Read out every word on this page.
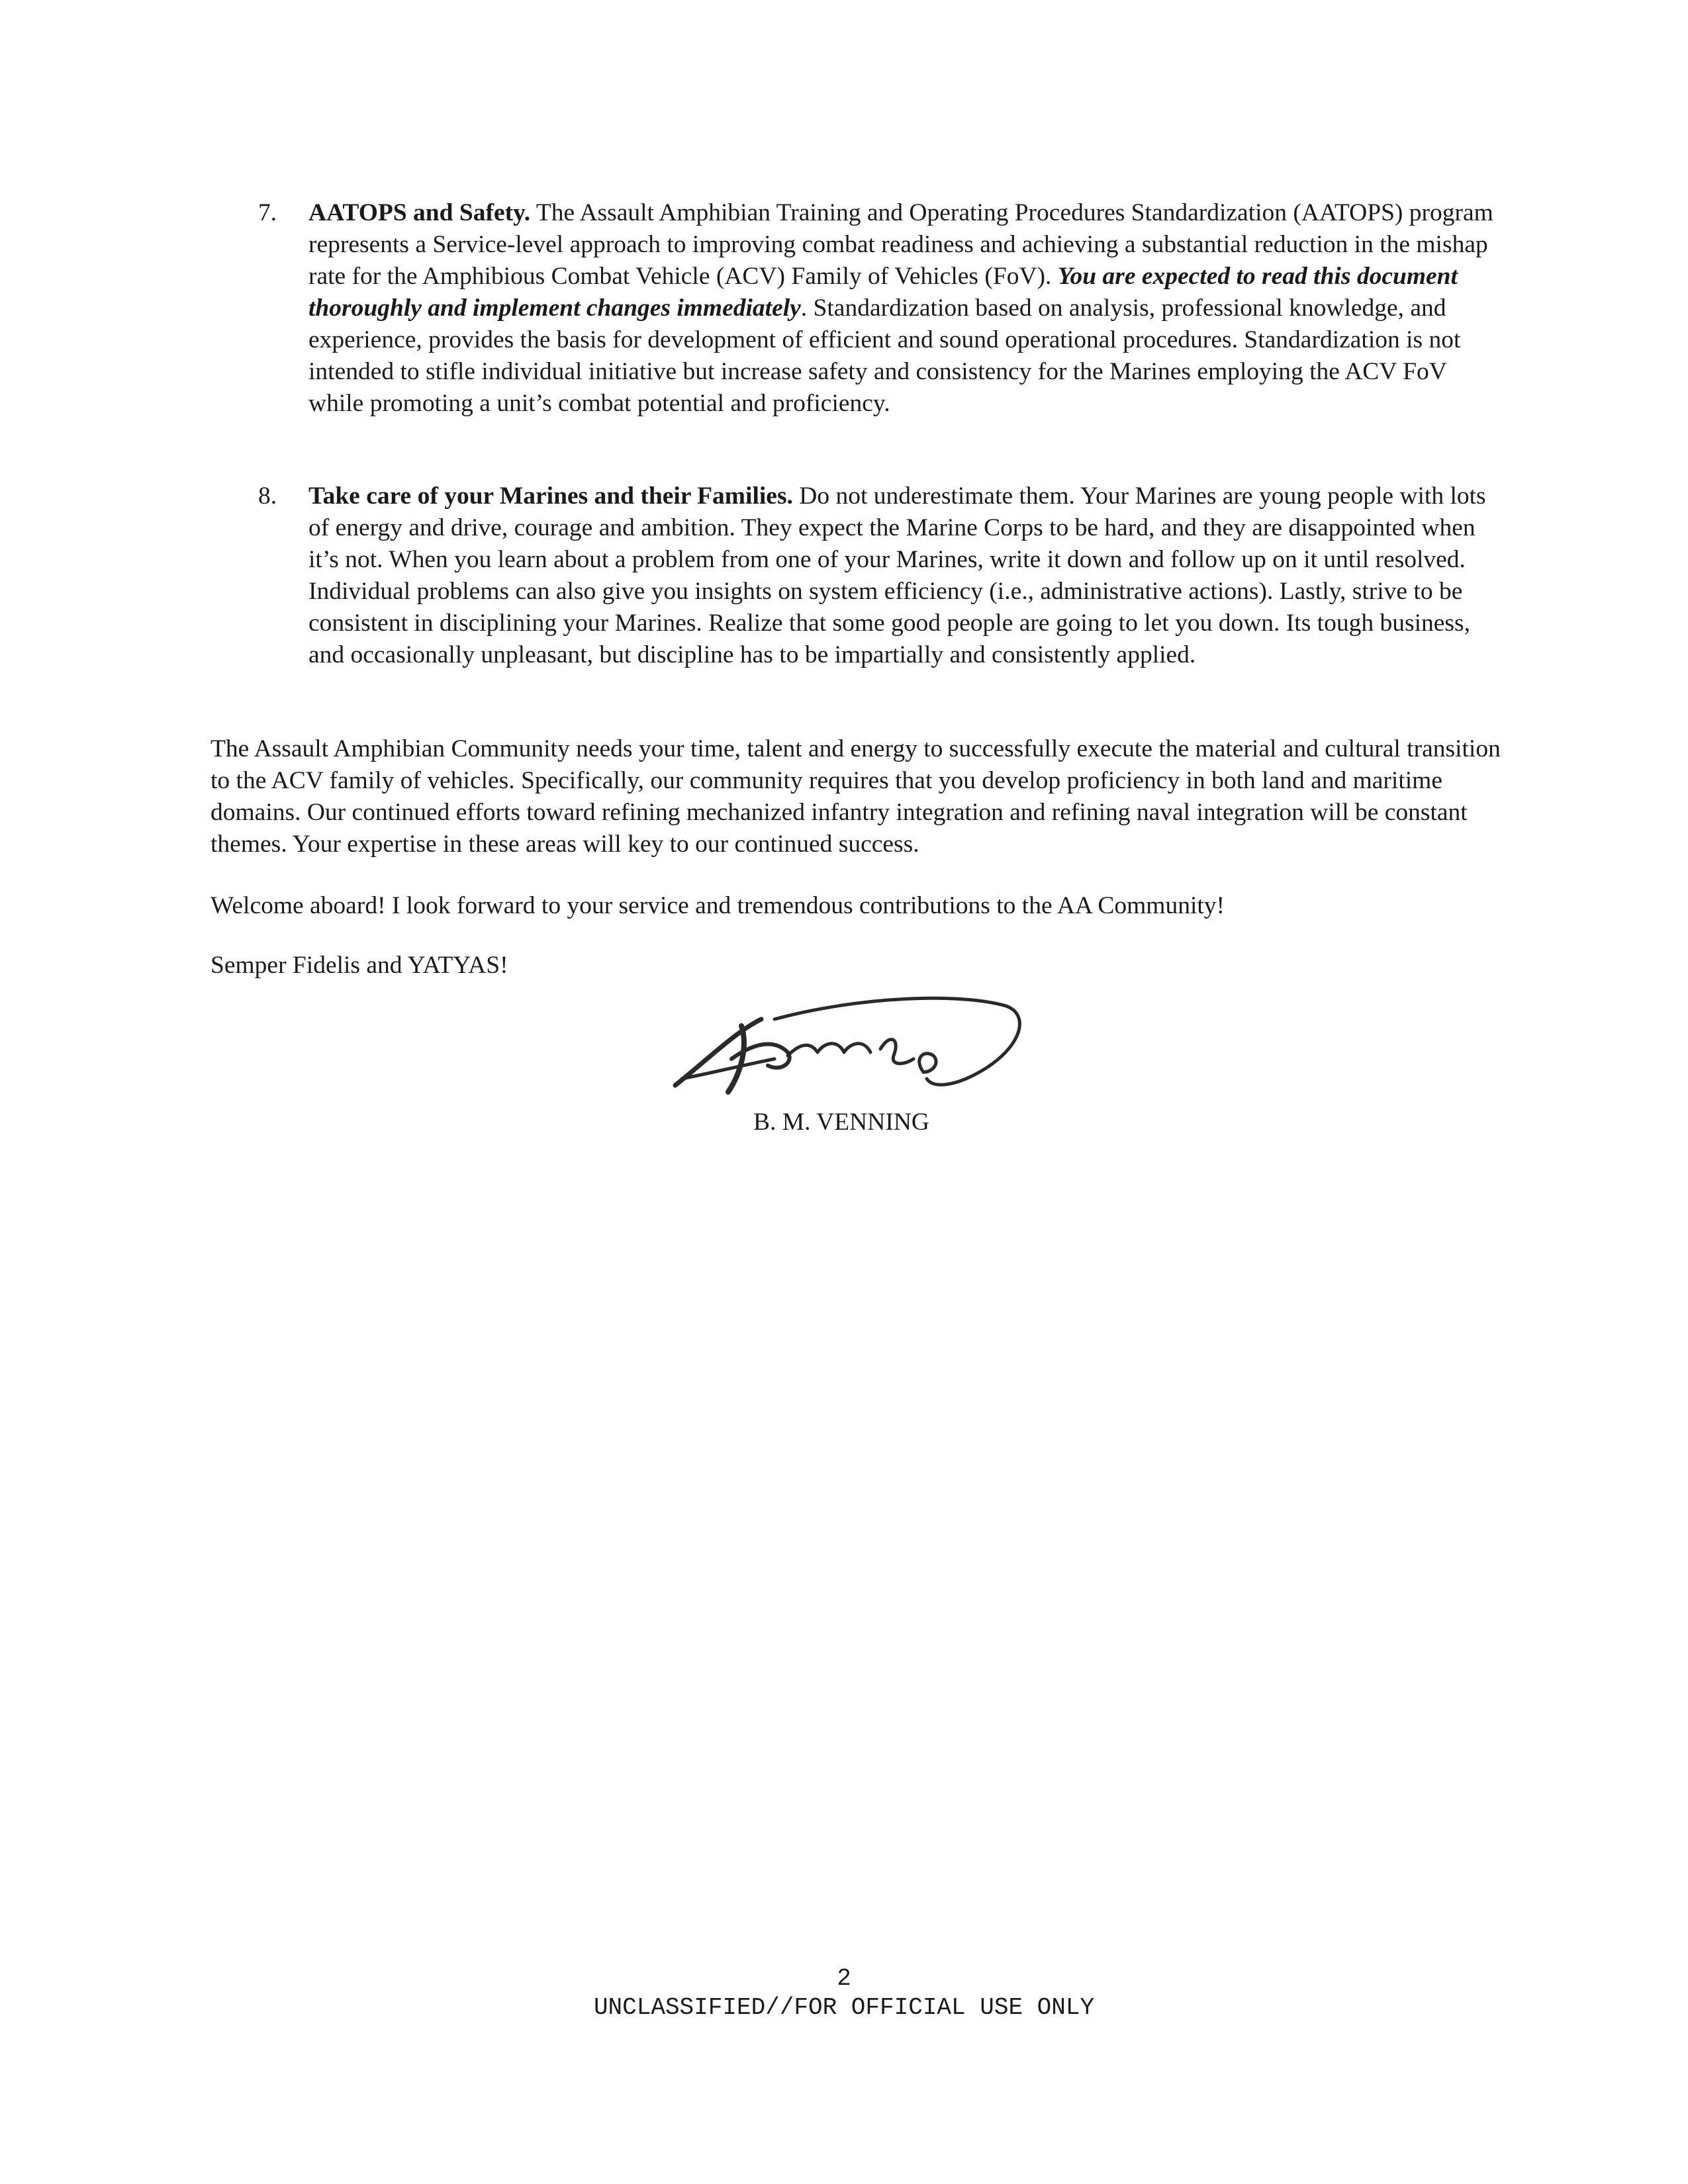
7. AATOPS and Safety. The Assault Amphibian Training and Operating Procedures Standardization (AATOPS) program represents a Service-level approach to improving combat readiness and achieving a substantial reduction in the mishap rate for the Amphibious Combat Vehicle (ACV) Family of Vehicles (FoV). You are expected to read this document thoroughly and implement changes immediately. Standardization based on analysis, professional knowledge, and experience, provides the basis for development of efficient and sound operational procedures. Standardization is not intended to stifle individual initiative but increase safety and consistency for the Marines employing the ACV FoV while promoting a unit’s combat potential and proficiency.
8. Take care of your Marines and their Families. Do not underestimate them. Your Marines are young people with lots of energy and drive, courage and ambition. They expect the Marine Corps to be hard, and they are disappointed when it’s not. When you learn about a problem from one of your Marines, write it down and follow up on it until resolved. Individual problems can also give you insights on system efficiency (i.e., administrative actions). Lastly, strive to be consistent in disciplining your Marines. Realize that some good people are going to let you down. Its tough business, and occasionally unpleasant, but discipline has to be impartially and consistently applied.
The Assault Amphibian Community needs your time, talent and energy to successfully execute the material and cultural transition to the ACV family of vehicles. Specifically, our community requires that you develop proficiency in both land and maritime domains. Our continued efforts toward refining mechanized infantry integration and refining naval integration will be constant themes. Your expertise in these areas will key to our continued success.
Welcome aboard! I look forward to your service and tremendous contributions to the AA Community!
Semper Fidelis and YATYAS!
B. M. VENNING
2
UNCLASSIFIED//FOR OFFICIAL USE ONLY
